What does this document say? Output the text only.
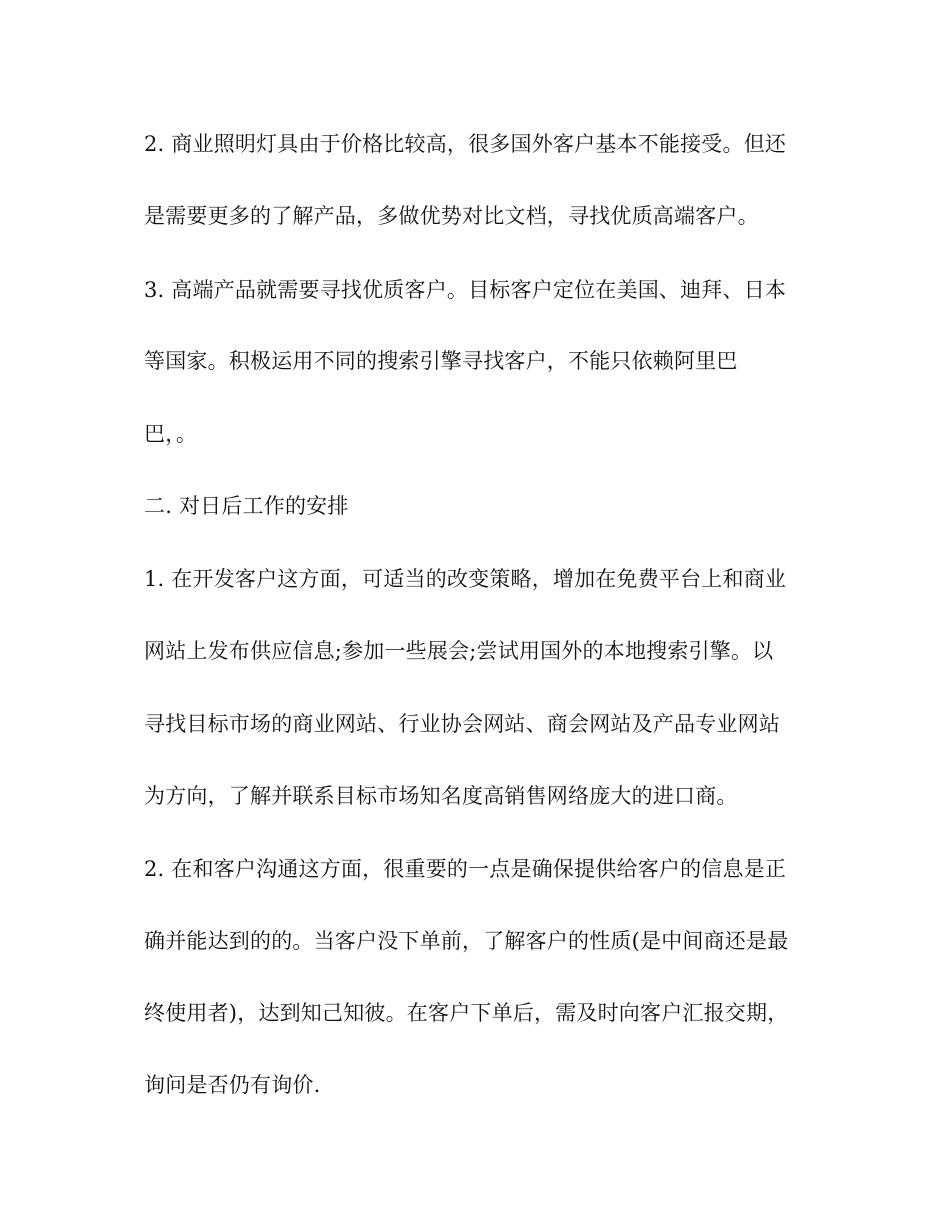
2. 商业照明灯具由于价格比较高，很多国外客户基本不能接受。但还
是需要更多的了解产品，多做优势对比文档，寻找优质高端客户。
3. 高端产品就需要寻找优质客户。目标客户定位在美国、迪拜、日本
等国家。积极运用不同的搜索引擎寻找客户，不能只依赖阿里巴
巴，。
二. 对日后工作的安排
1. 在开发客户这方面，可适当的改变策略，增加在免费平台上和商业
网站上发布供应信息;参加一些展会;尝试用国外的本地搜索引擎。以
寻找目标市场的商业网站、行业协会网站、商会网站及产品专业网站
为方向，了解并联系目标市场知名度高销售网络庞大的进口商。
2. 在和客户沟通这方面，很重要的一点是确保提供给客户的信息是正
确并能达到的的。当客户没下单前，了解客户的性质(是中间商还是最
终使用者)，达到知己知彼。在客户下单后，需及时向客户汇报交期，
询问是否仍有询价.
